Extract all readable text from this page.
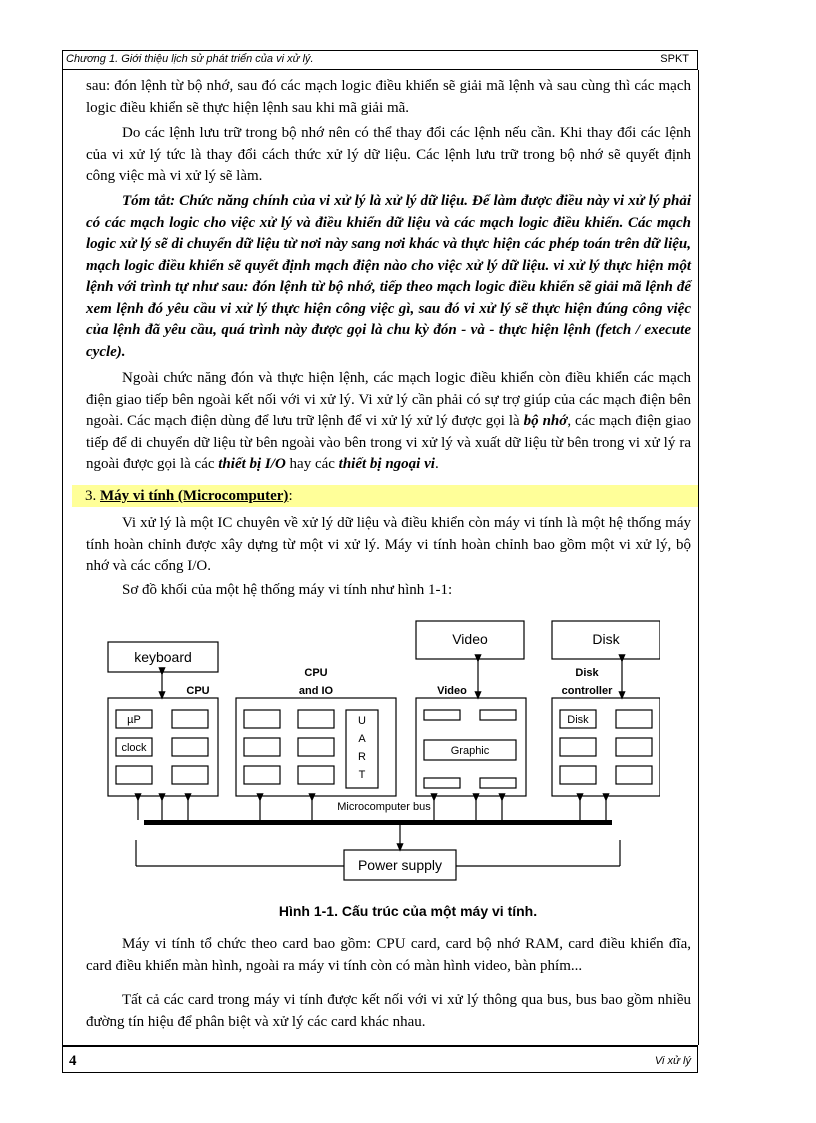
Chương 1. Giới thiệu lịch sử phát triển của vi xử lý.	SPKT

sau: đón lệnh từ bộ nhớ, sau đó các mạch logic điều khiển sẽ giải mã lệnh và sau cùng thì các mạch logic điều khiển sẽ thực hiện lệnh sau khi mã giải mã.

Do các lệnh lưu trữ trong bộ nhớ nên có thể thay đổi các lệnh nếu cần. Khi thay đổi các lệnh của vi xử lý tức là thay đổi cách thức xử lý dữ liệu. Các lệnh lưu trữ trong bộ nhớ sẽ quyết định công việc mà vi xử lý sẽ làm.

Tóm tắt: Chức năng chính của vi xử lý là xử lý dữ liệu. Để làm được điều này vi xử lý phải có các mạch logic cho việc xử lý và điều khiển dữ liệu và các mạch logic điều khiển. Các mạch logic xử lý sẽ di chuyển dữ liệu từ nơi này sang nơi khác và thực hiện các phép toán trên dữ liệu, mạch logic điều khiển sẽ quyết định mạch điện nào cho việc xử lý dữ liệu. vi xử lý thực hiện một lệnh với trình tự như sau: đón lệnh từ bộ nhớ, tiếp theo mạch logic điều khiển sẽ giải mã lệnh để xem lệnh đó yêu cầu vi xử lý thực hiện công việc gì, sau đó vi xử lý sẽ thực hiện đúng công việc của lệnh đã yêu cầu, quá trình này được gọi là chu kỳ đón - và - thực hiện lệnh (fetch / execute cycle).

Ngoài chức năng đón và thực hiện lệnh, các mạch logic điều khiển còn điều khiển các mạch điện giao tiếp bên ngoài kết nối với vi xử lý. Vi xử lý cần phải có sự trợ giúp của các mạch điện bên ngoài. Các mạch điện dùng để lưu trữ lệnh để vi xử lý xử lý được gọi là bộ nhớ, các mạch điện giao tiếp để di chuyển dữ liệu từ bên ngoài vào bên trong vi xử lý và xuất dữ liệu từ bên trong vi xử lý ra ngoài được gọi là các thiết bị I/O hay các thiết bị ngoại vi.

3. Máy vi tính (Microcomputer):

Vi xử lý là một IC chuyên về xử lý dữ liệu và điều khiển còn máy vi tính là một hệ thống máy tính hoàn chỉnh được xây dựng từ một vi xử lý. Máy vi tính hoàn chỉnh bao gồm một vi xử lý, bộ nhớ và các cổng I/O.

Sơ đồ khối của một hệ thống máy vi tính như hình 1-1:

keyboard
CPU
CPU
and IO
Video
Video
Disk
Disk
controller
µP
clock
U
A
R
T
Graphic
Disk
Microcomputer bus
Power supply
Hình 1-1. Cấu trúc của một máy vi tính.

Máy vi tính tổ chức theo card bao gồm: CPU card, card bộ nhớ RAM, card điều khiển đĩa, card điều khiển màn hình, ngoài ra máy vi tính còn có màn hình video, bàn phím...

Tất cả các card trong máy vi tính được kết nối với vi xử lý thông qua bus, bus bao gồm nhiều đường tín hiệu để phân biệt và xử lý các card khác nhau.

4	Vi xử lý
